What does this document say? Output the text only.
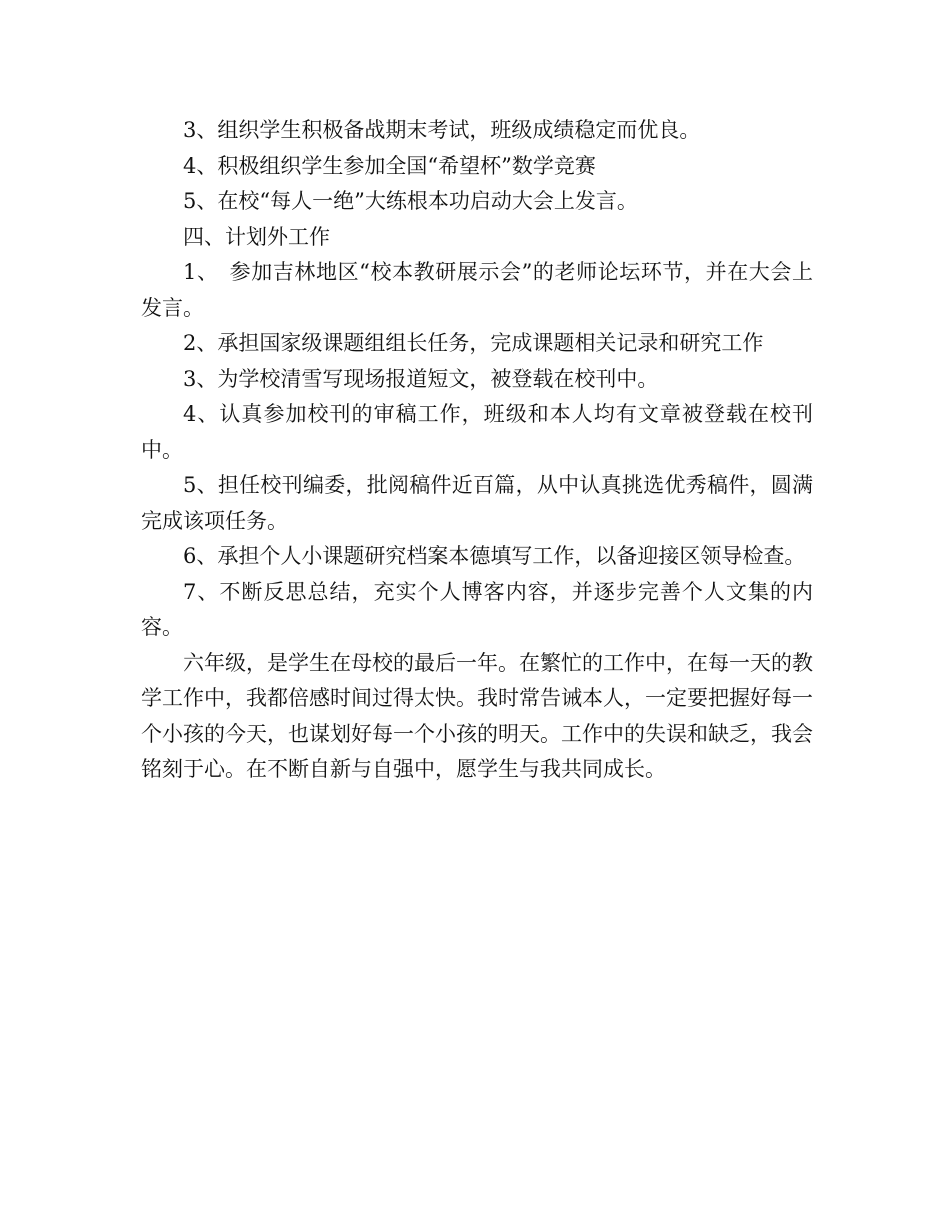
3、组织学生积极备战期末考试，班级成绩稳定而优良。

4、积极组织学生参加全国“希望杯”数学竞赛

5、在校“每人一绝”大练根本功启动大会上发言。

四、计划外工作

1、　参加吉林地区“校本教研展示会”的老师论坛环节，并在大会上发言。

2、承担国家级课题组组长任务，完成课题相关记录和研究工作

3、为学校清雪写现场报道短文，被登载在校刊中。

4、认真参加校刊的审稿工作，班级和本人均有文章被登载在校刊中。

5、担任校刊编委，批阅稿件近百篇，从中认真挑选优秀稿件，圆满完成该项任务。

6、承担个人小课题研究档案本德填写工作，以备迎接区领导检查。

7、不断反思总结，充实个人博客内容，并逐步完善个人文集的内容。

六年级，是学生在母校的最后一年。在繁忙的工作中，在每一天的教学工作中，我都倍感时间过得太快。我时常告诫本人，一定要把握好每一个小孩的今天，也谋划好每一个小孩的明天。工作中的失误和缺乏，我会铭刻于心。在不断自新与自强中，愿学生与我共同成长。
